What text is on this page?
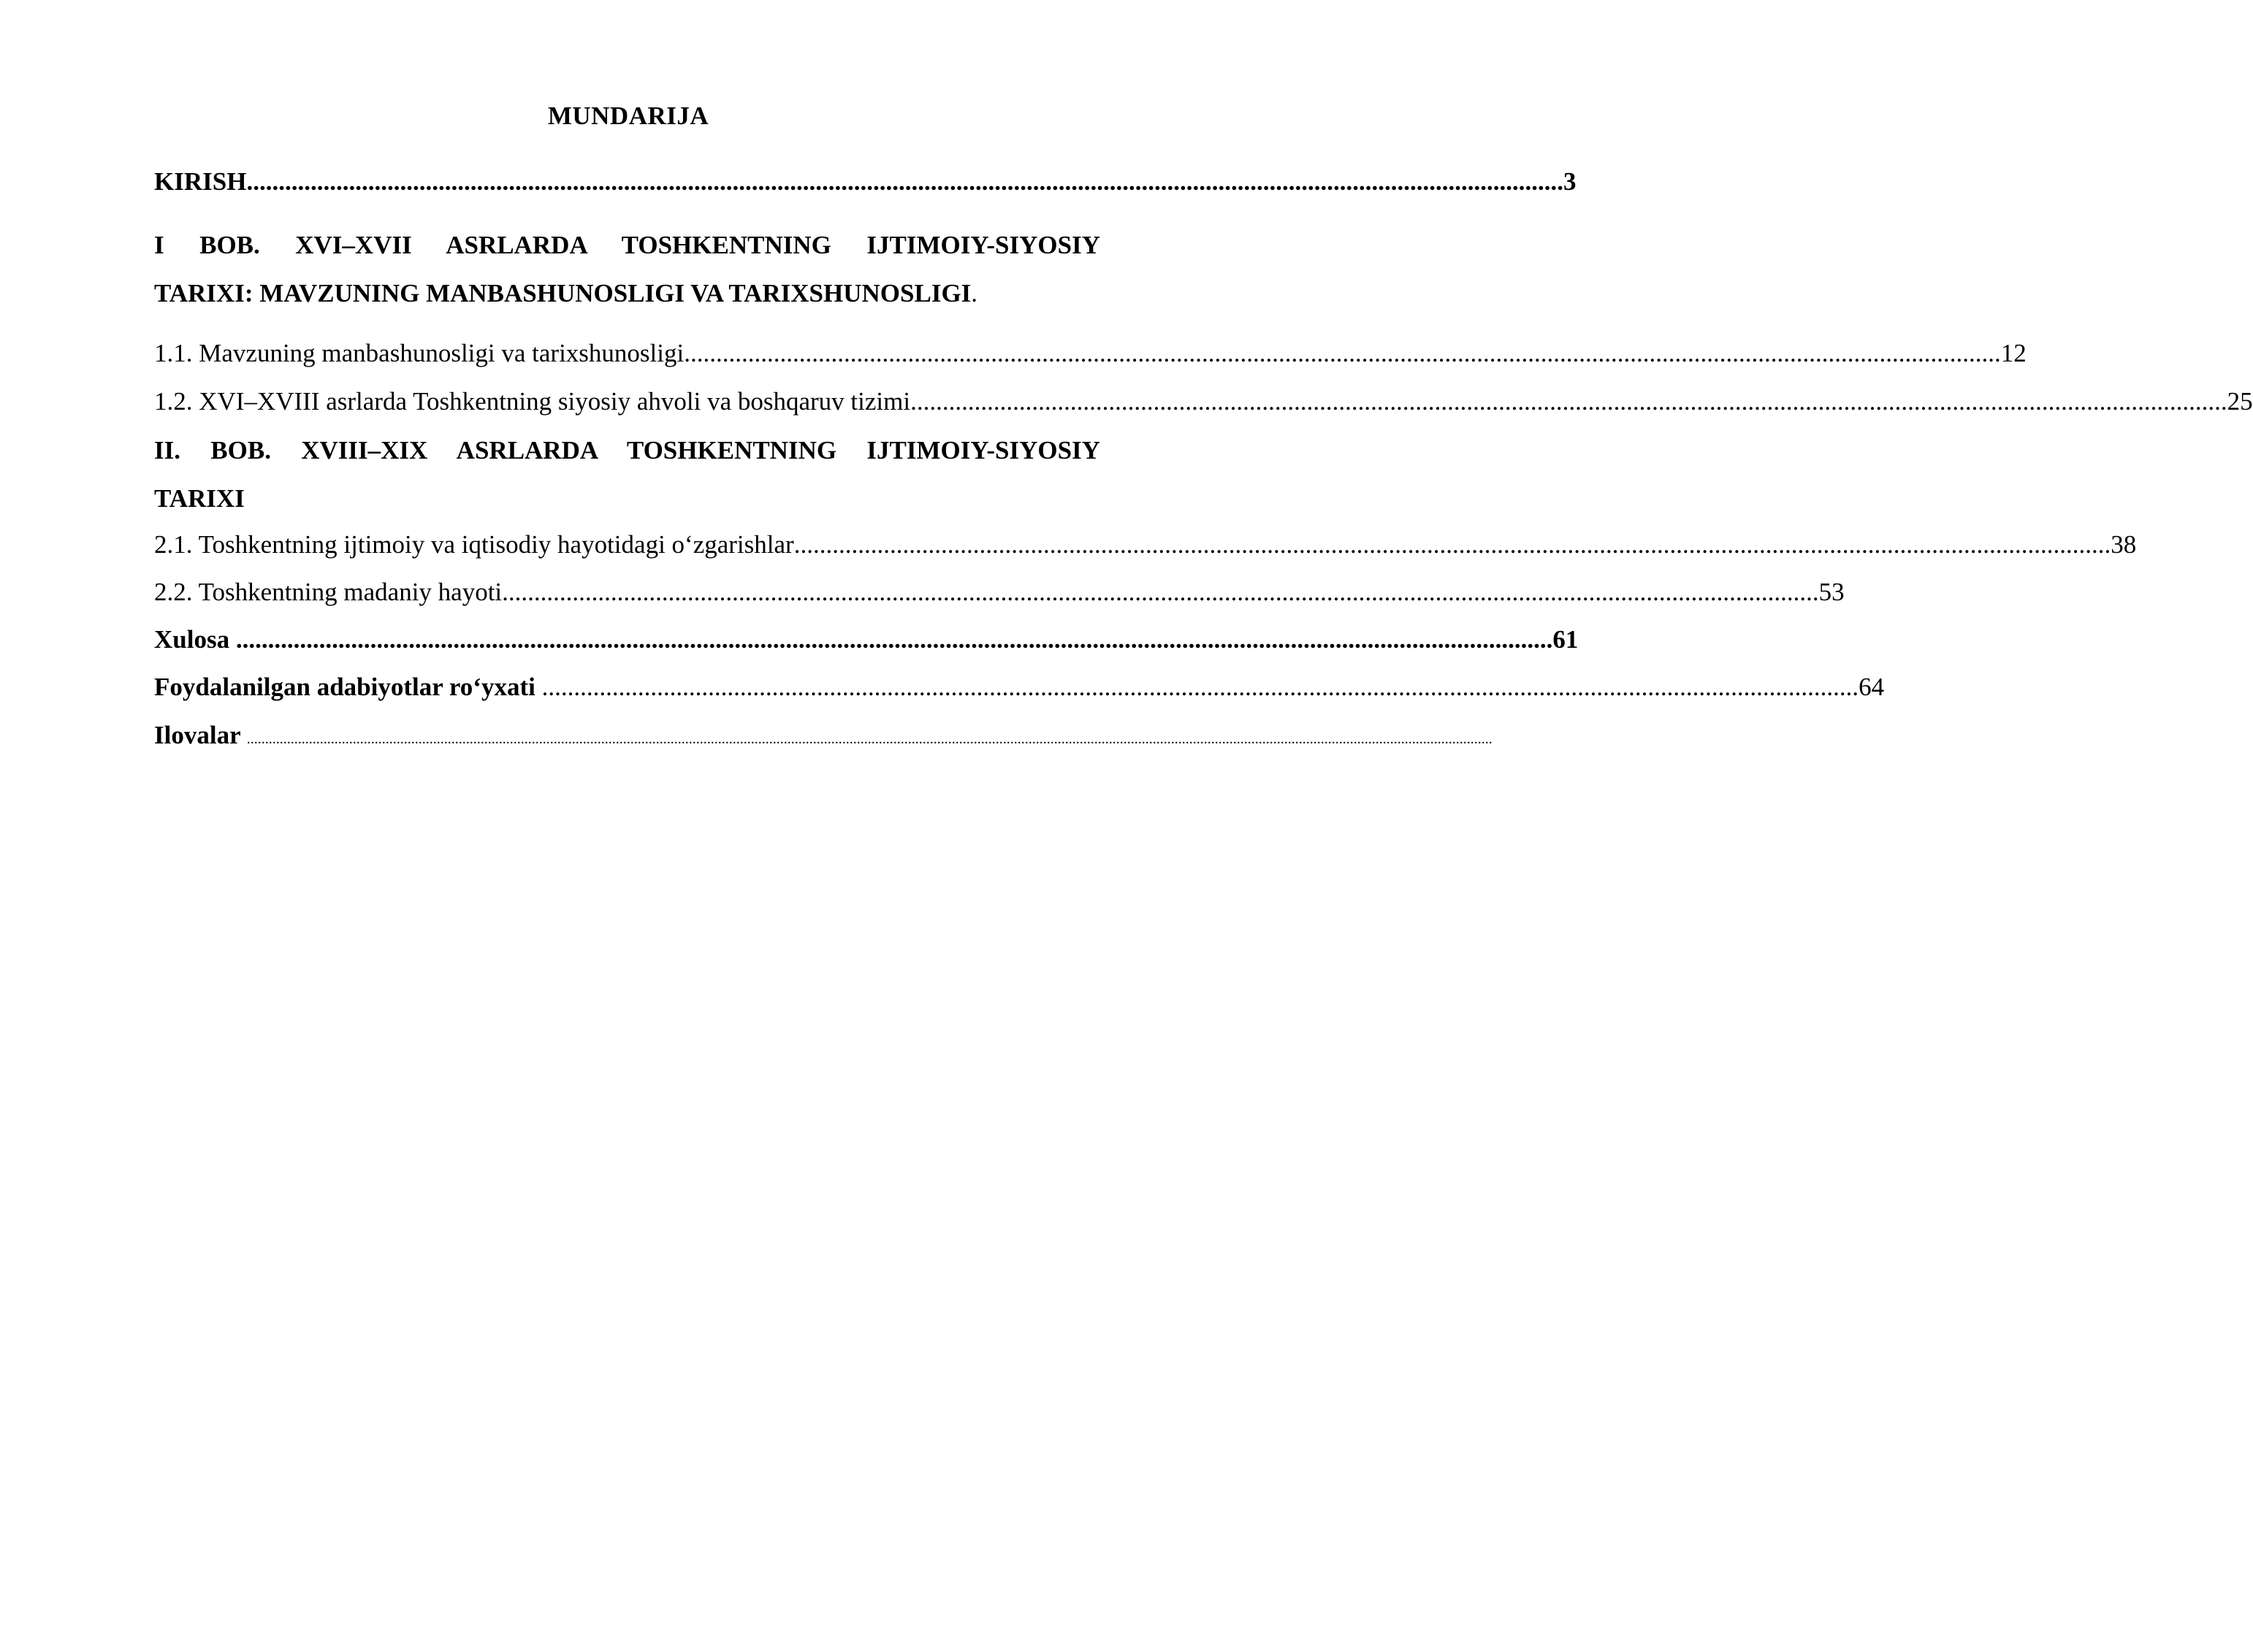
MUNDARIJA
KIRISH .............................................................................................................................................................................................................. 3
I BOB. XVI–XVII ASRLARDA TOSHKENTNING IJTIMOIY-SIYOSIY
TARIXI: MAVZUNING MANBASHUNOSLIGI VA TARIXSHUNOSLIGI.
1.1. Mavzuning manbashunosligi va tarixshunosligi .............................................................................................................................................................................................................. 12
1.2. XVI–XVIII asrlarda Toshkentning siyosiy ahvoli va boshqaruv tizimi .............................................................................................................................................................................................................. 25
II. BOB. XVIII–XIX ASRLARDA TOSHKENTNING IJTIMOIY-SIYOSIY
TARIXI
2.1. Toshkentning ijtimoiy va iqtisodiy hayotidagi o‘zgarishlar .............................................................................................................................................................................................................. 38
2.2. Toshkentning madaniy hayoti .............................................................................................................................................................................................................. 53
Xulosa .............................................................................................................................................................................................................. 61
Foydalanilgan adabiyotlar ro‘yxati .............................................................................................................................................................................................................. 64
Ilovalar .....................................................................................................................................................................................................................................................................................................................................................
